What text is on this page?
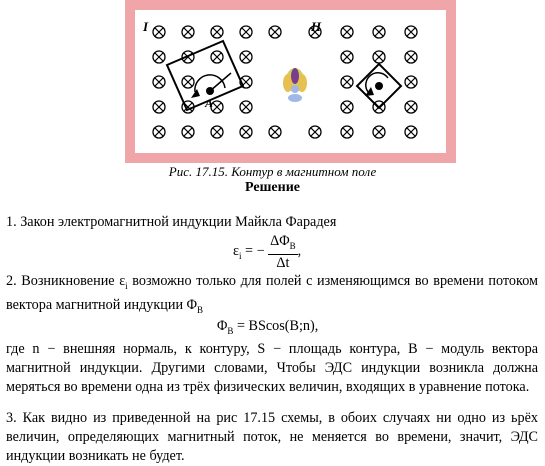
I	II
A
Рис. 17.15. Контур в магнитном поле
Решение

1. Закон электромагнитной индукции Майкла Фарадея

$\varepsilon_i$ = − $\frac{\Delta\Phi_B}{\Delta t}$ ,

2. Возникновение $\varepsilon_i$ возможно только для полей с изменяющимся во времени потоком вектора магнитной индукции $\Phi_B$

$\Phi_B$ = BScos(B;n),

где n − внешняя нормаль, к контуру, S − площадь контура, B − модуль вектора магнитной индукции. Другими словами, Чтобы ЭДС индукции возникла должна меряться во времени одна из трёх физических величин, входящих в уравнение потока.

3. Как видно из приведенной на рис 17.15 схемы, в обоих случаях ни одно из ьрёх величин, определяющих магнитный поток, не меняется во времени, значит, ЭДС индукции возникать не будет.
